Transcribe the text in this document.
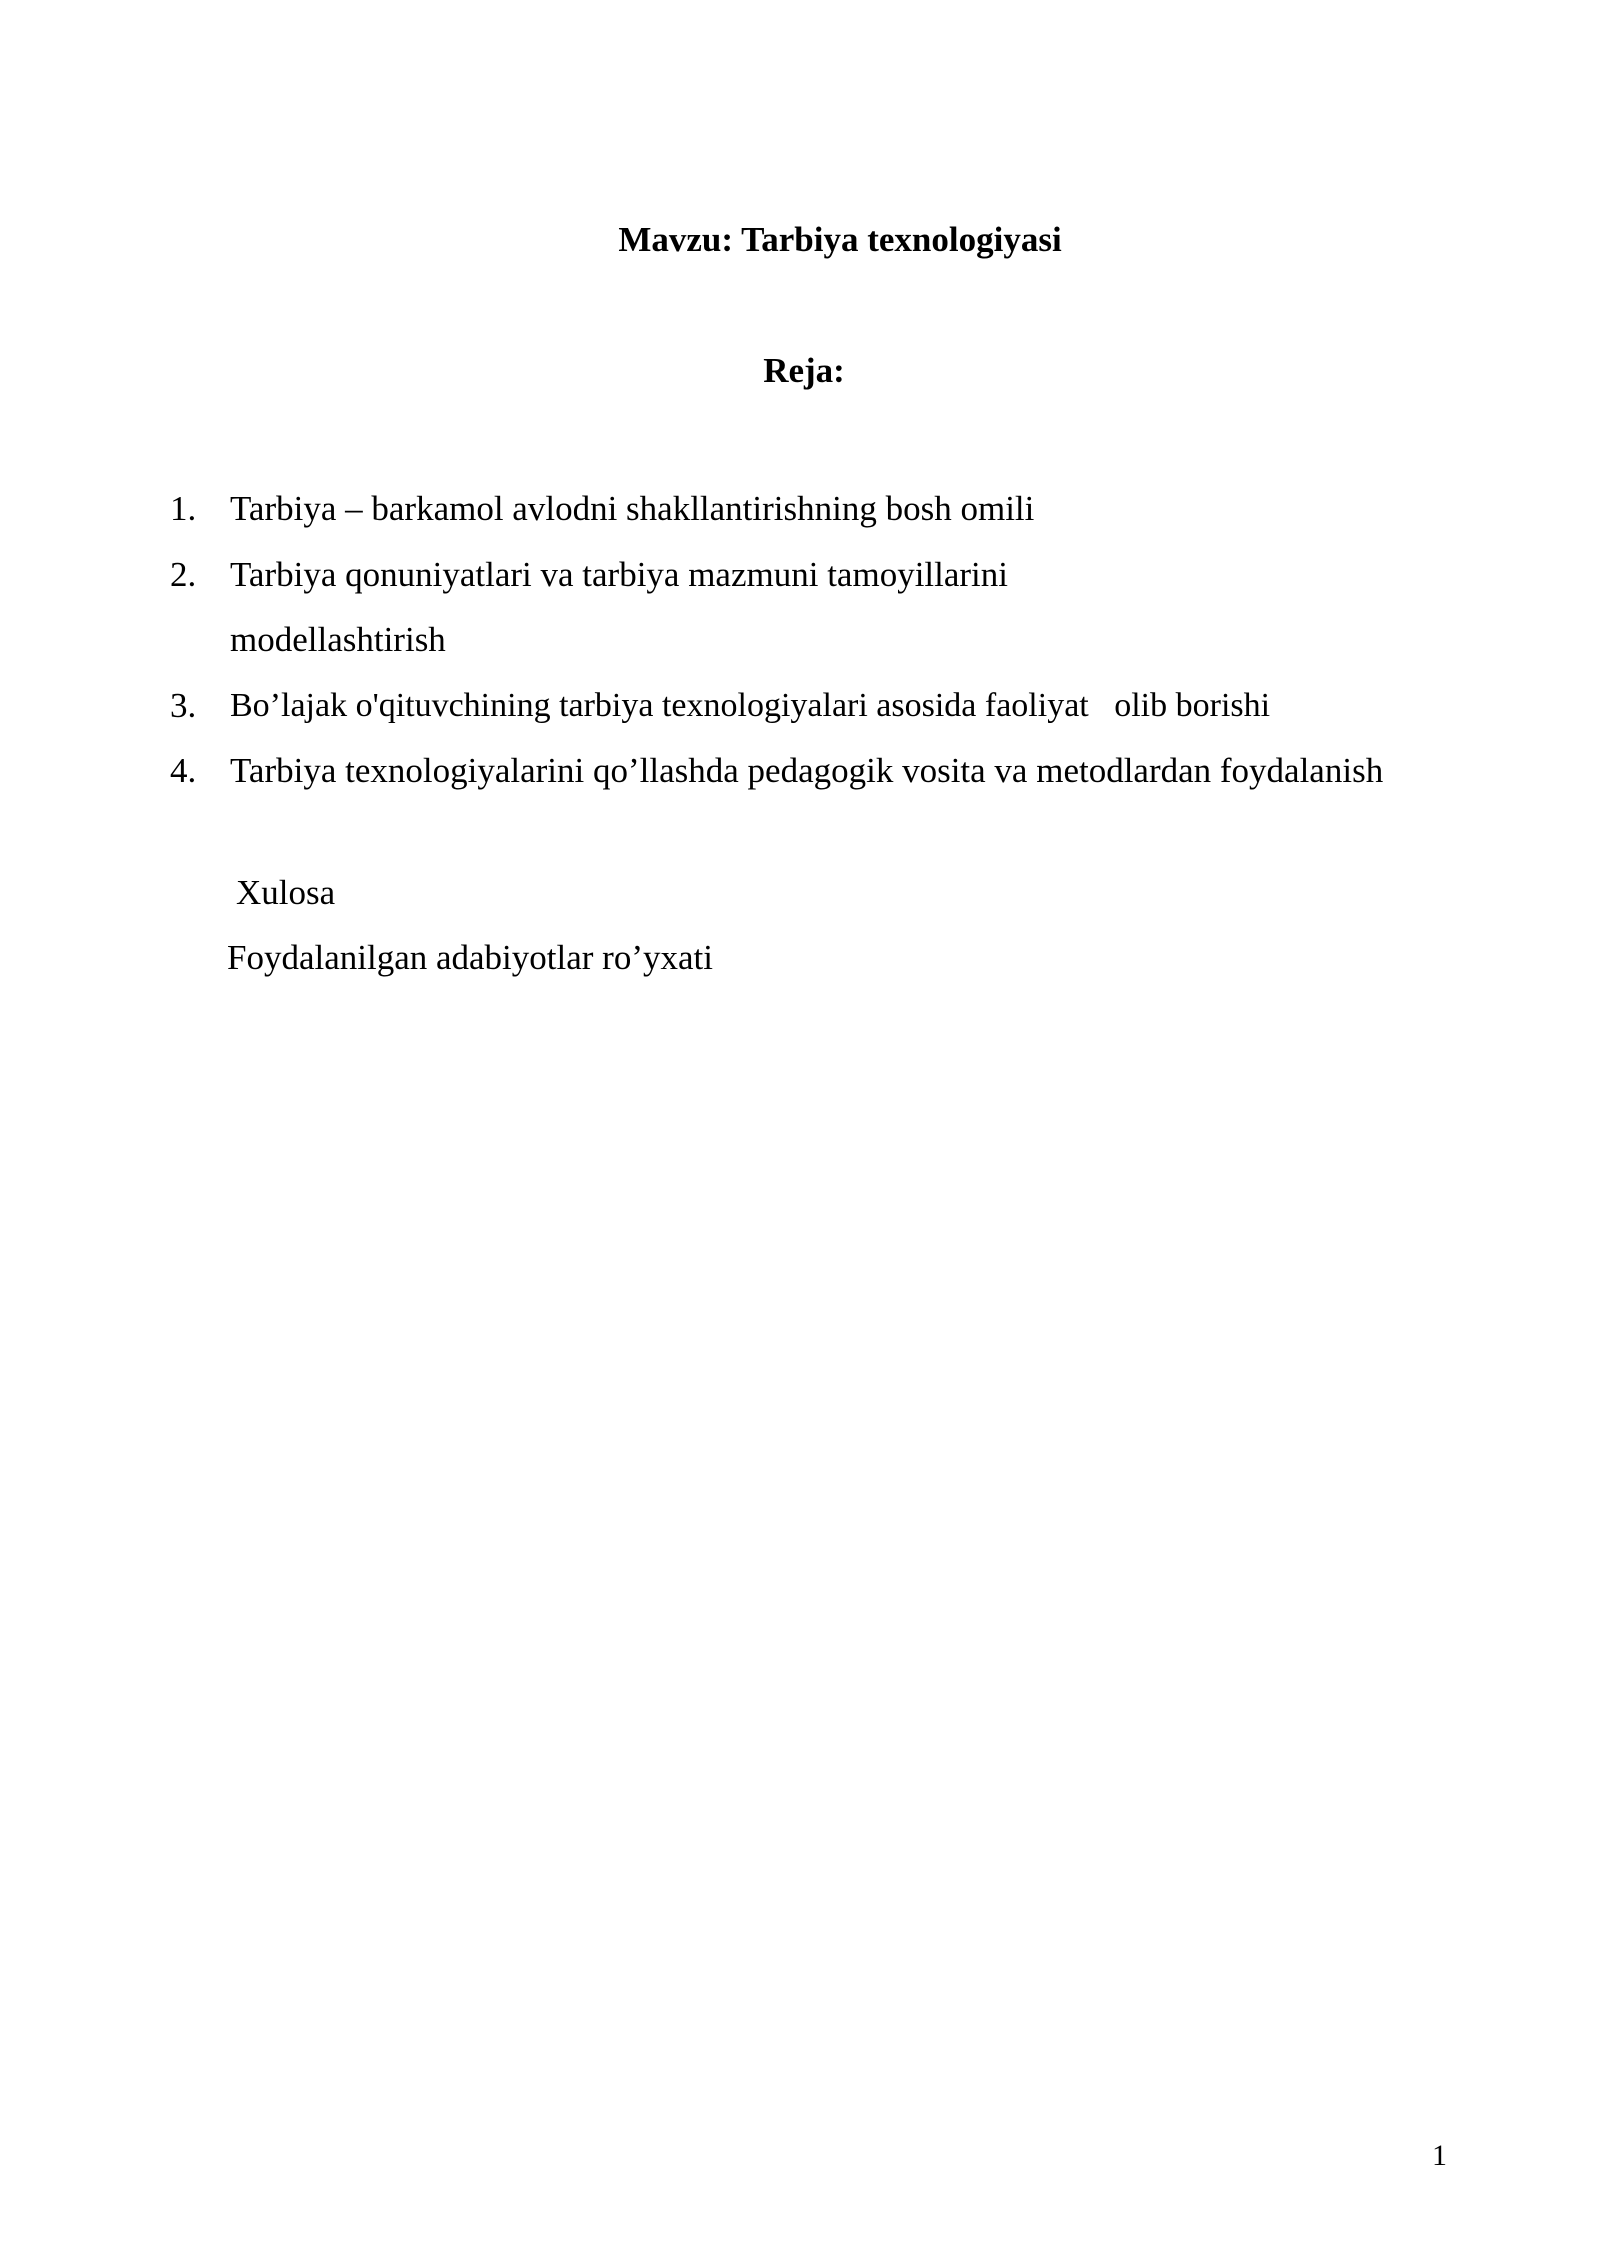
Mavzu: Tarbiya texnologiyasi
Reja:
1. Tarbiya – barkamol avlodni shakllantirishning bosh omili
2. Tarbiya qonuniyatlari va tarbiya mazmuni tamoyillarini modellashtirish
3. Bo’lajak o'qituvchining tarbiya texnologiyalari asosida faoliyat   olib borishi
4. Tarbiya texnologiyalarini qo’llashda pedagogik vosita va metodlardan foydalanish

Xulosa

Foydalanilgan adabiyotlar ro’yxati

1
